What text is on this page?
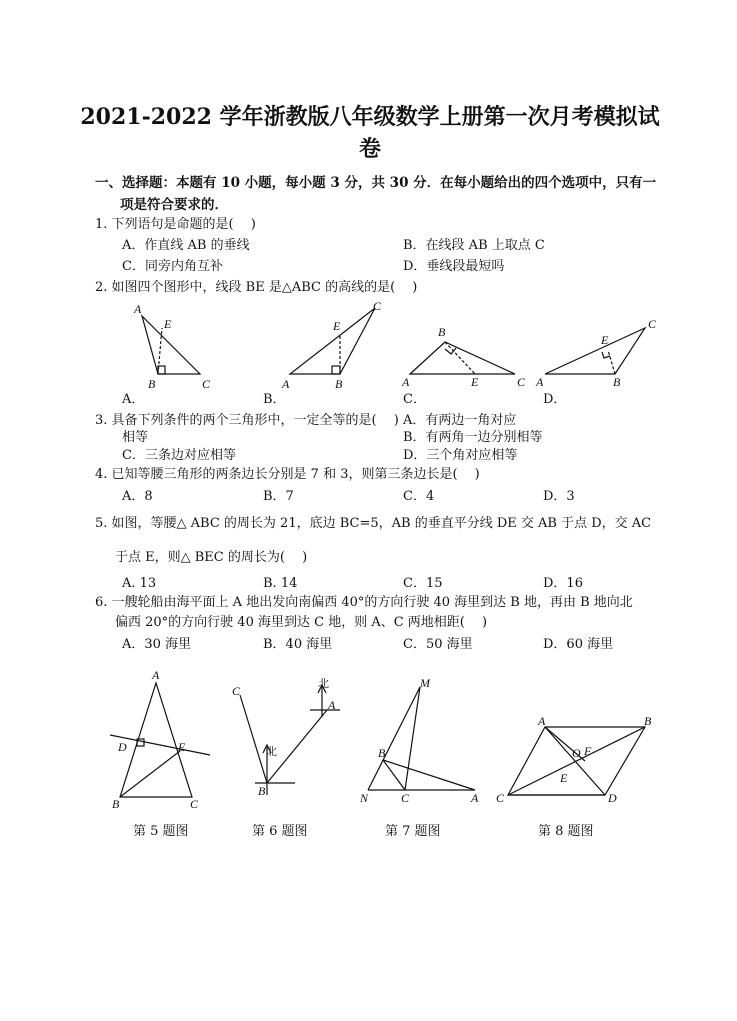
2021-2022 学年浙教版八年级数学上册第一次月考模拟试
卷
一、选择题：本题有 10 小题，每小题 3 分，共 30 分．在每小题给出的四个选项中，只有一
项是符合要求的．
1. 下列语句是命题的是(　 )
A．作直线 AB 的垂线	B．在线段 AB 上取点 C
C．同旁内角互补	D．垂线段最短吗
2. 如图四个图形中，线段 BE 是△ABC 的高线的是(　 )
A
E
B	C	A	B
E
C
B
A	E	C A	B
E
C
A．	B．	C．	D．
3. 具备下列条件的两个三角形中，一定全等的是(　 ) A．有两边一角对应
相等	B．有两角一边分别相等
C．三条边对应相等	D．三个角对应相等
4. 已知等腰三角形的两条边长分别是 7 和 3，则第三条边长是(　 )
A．8	B．7	C．4	D．3
5. 如图，等腰△ ABC 的周长为 21，底边 BC=5，AB 的垂直平分线 DE 交 AB 于点 D，交 AC
于点 E，则△ BEC 的周长为(　 )
A. 13	B. 14	C．15	D．16
6. 一艘轮船由海平面上 A 地出发向南偏西 40°的方向行驶 40 海里到达 B 地，再由 B 地向北
偏西 20°的方向行驶 40 海里到达 C 地，则 A、C 两地相距(　 )
A．30 海里	B．40 海里	C．50 海里	D．60 海里
A
D	E
B	C
C
北
B
北
A
M
B
N	C	A
A	B
O F
E
C	D
第 5 题图	第 6 题图	第 7 题图	第 8 题图
